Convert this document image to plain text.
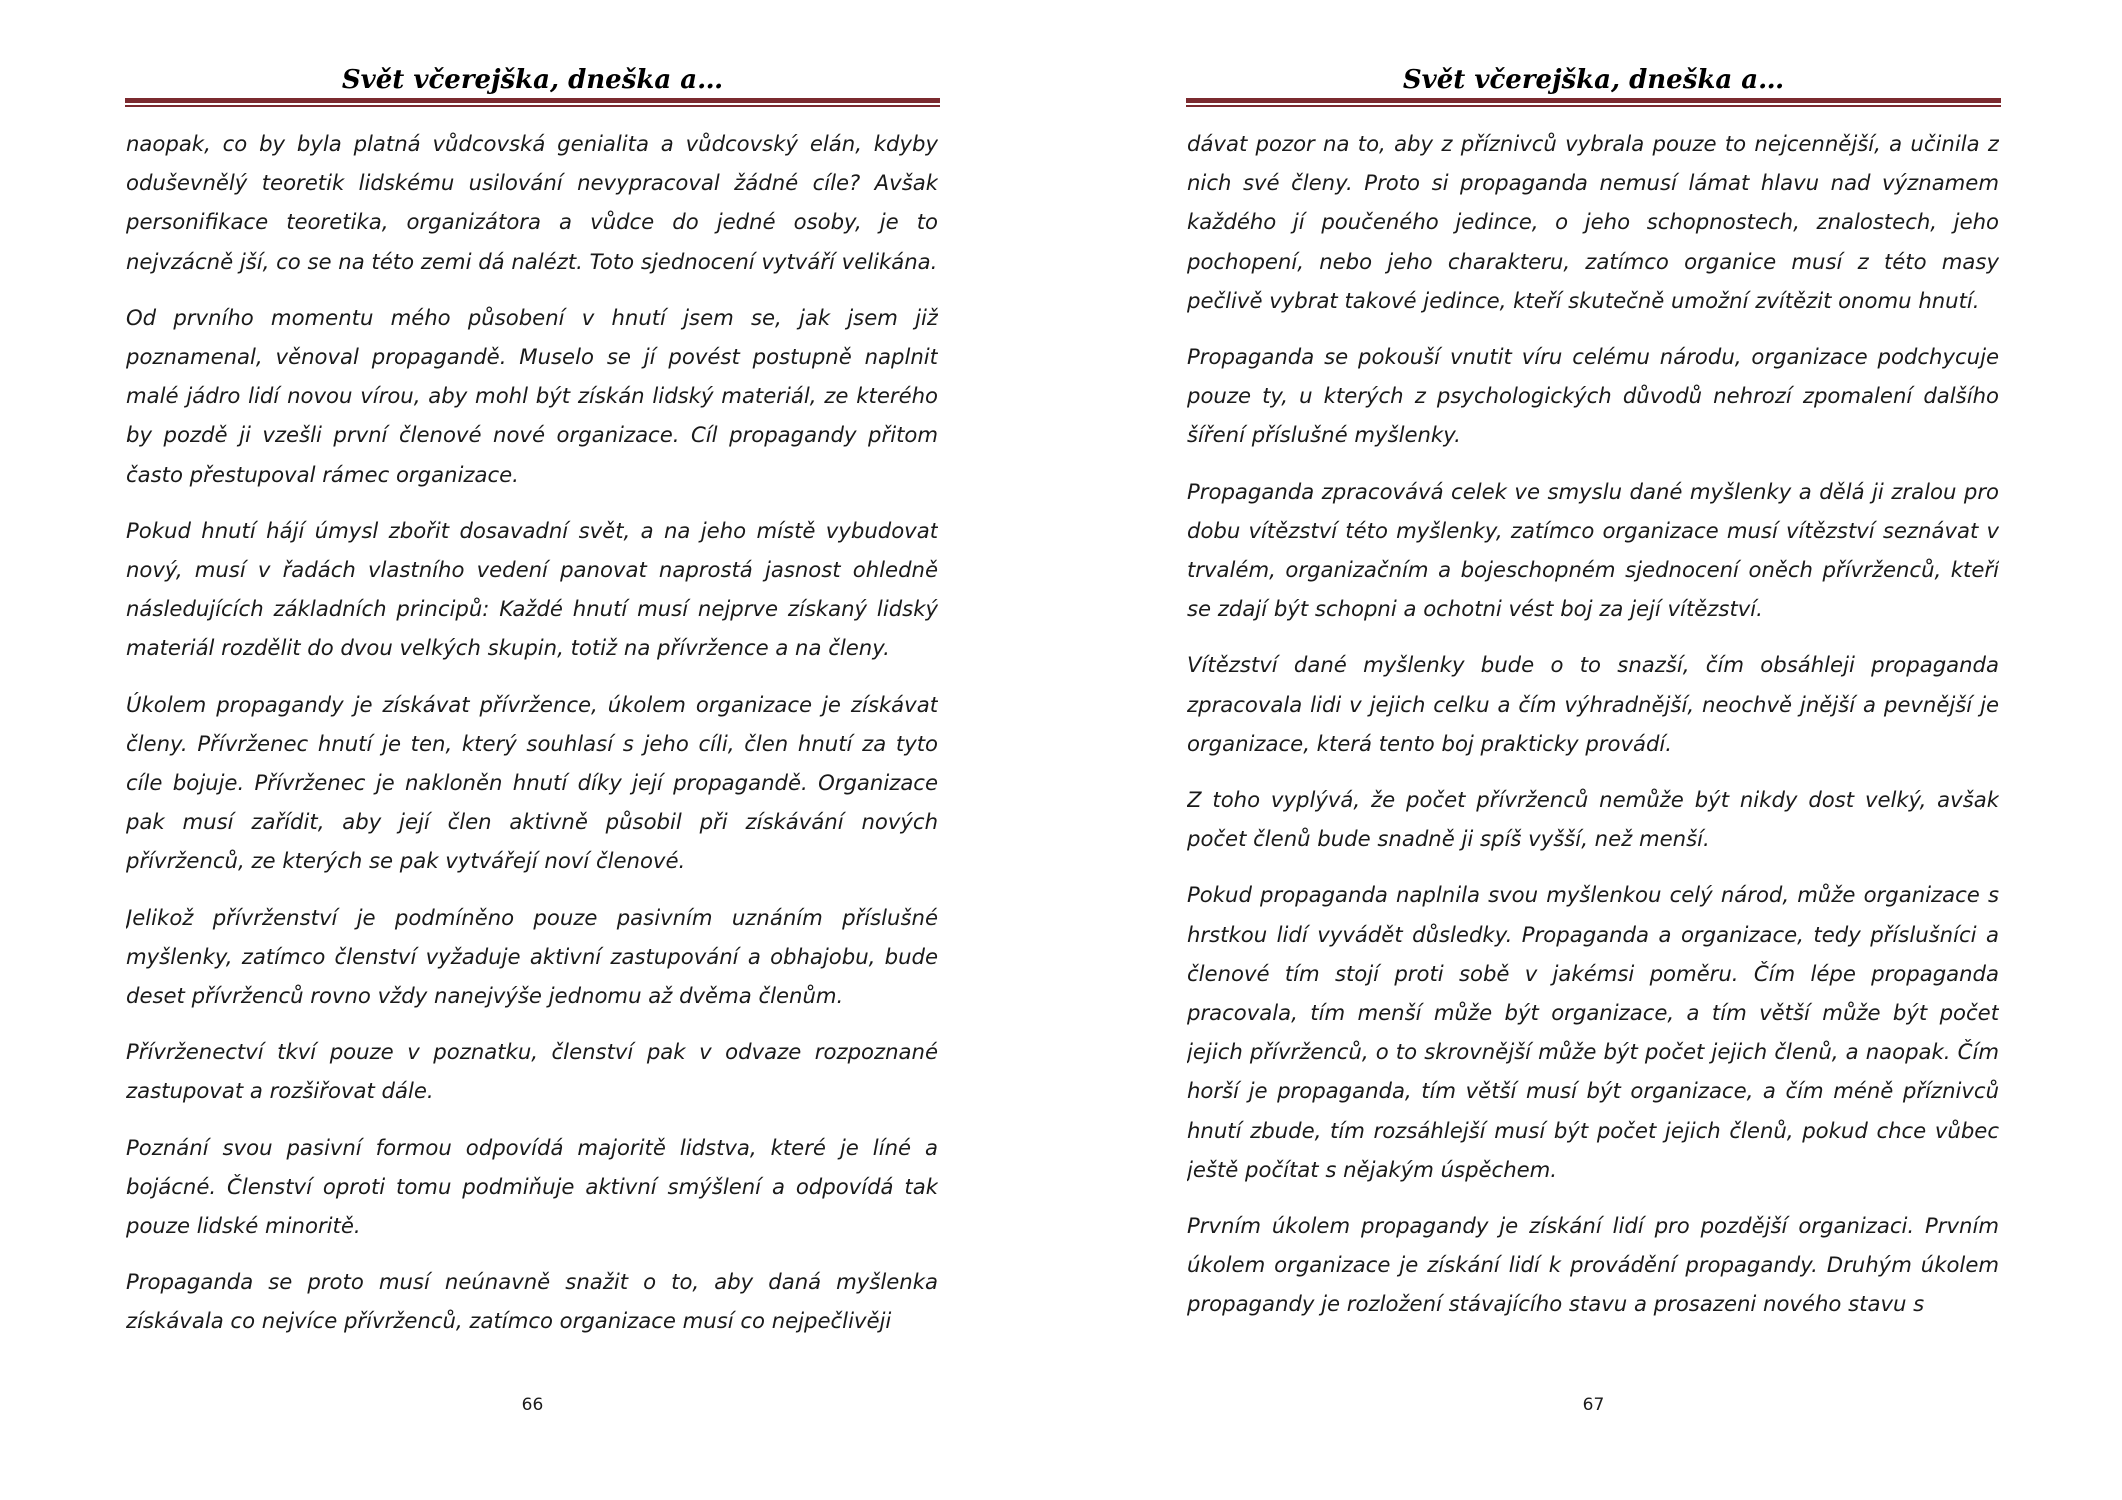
Svět včerejška, dneška a…

naopak, co by byla platná vůdcovská genialita a vůdcovský elán, kdyby oduševnělý teoretik lidskému usilování nevypracoval žádné cíle? Avšak personifikace teoretika, organizátora a vůdce do jedné osoby, je to nejvzácně jší, co se na této zemi dá nalézt. Toto sjednocení vytváří velikána.

Od prvního momentu mého působení v hnutí jsem se, jak jsem již poznamenal, věnoval propagandě. Muselo se jí povést postupně naplnit malé jádro lidí novou vírou, aby mohl být získán lidský materiál, ze kterého by pozdě ji vzešli první členové nové organizace. Cíl propagandy přitom často přestupoval rámec organizace.

Pokud hnutí hájí úmysl zbořit dosavadní svět, a na jeho místě vybudovat nový, musí v řadách vlastního vedení panovat naprostá jasnost ohledně následujících základních principů: Každé hnutí musí nejprve získaný lidský materiál rozdělit do dvou velkých skupin, totiž na přívržence a na členy.

Úkolem propagandy je získávat přívržence, úkolem organizace je získávat členy. Přívrženec hnutí je ten, který souhlasí s jeho cíli, člen hnutí za tyto cíle bojuje. Přívrženec je nakloněn hnutí díky její propagandě. Organizace pak musí zařídit, aby její člen aktivně působil při získávání nových přívrženců, ze kterých se pak vytvářejí noví členové.

Jelikož přívrženství je podmíněno pouze pasivním uznáním příslušné myšlenky, zatímco členství vyžaduje aktivní zastupování a obhajobu, bude deset přívrženců rovno vždy nanejvýše jednomu až dvěma členům.

Přívrženectví tkví pouze v poznatku, členství pak v odvaze rozpoznané zastupovat a rozšiřovat dále.

Poznání svou pasivní formou odpovídá majoritě lidstva, které je líné a bojácné. Členství oproti tomu podmiňuje aktivní smýšlení a odpovídá tak pouze lidské minoritě.

Propaganda se proto musí neúnavně snažit o to, aby daná myšlenka získávala co nejvíce přívrženců, zatímco organizace musí co nejpečlivěji

66
Svět včerejška, dneška a…

dávat pozor na to, aby z příznivců vybrala pouze to nejcennější, a učinila z nich své členy. Proto si propaganda nemusí lámat hlavu nad významem každého jí poučeného jedince, o jeho schopnostech, znalostech, jeho pochopení, nebo jeho charakteru, zatímco organice musí z této masy pečlivě vybrat takové jedince, kteří skutečně umožní zvítězit onomu hnutí.

Propaganda se pokouší vnutit víru celému národu, organizace podchycuje pouze ty, u kterých z psychologických důvodů nehrozí zpomalení dalšího šíření příslušné myšlenky.

Propaganda zpracovává celek ve smyslu dané myšlenky a dělá ji zralou pro dobu vítězství této myšlenky, zatímco organizace musí vítězství seznávat v trvalém, organizačním a bojeschopném sjednocení oněch přívrženců, kteří se zdají být schopni a ochotni vést boj za její vítězství.

Vítězství dané myšlenky bude o to snazší, čím obsáhleji propaganda zpracovala lidi v jejich celku a čím výhradnější, neochvě jnější a pevnější je organizace, která tento boj prakticky provádí.

Z toho vyplývá, že počet přívrženců nemůže být nikdy dost velký, avšak počet členů bude snadně ji spíš vyšší, než menší.

Pokud propaganda naplnila svou myšlenkou celý národ, může organizace s hrstkou lidí vyvádět důsledky. Propaganda a organizace, tedy příslušníci a členové tím stojí proti sobě v jakémsi poměru. Čím lépe propaganda pracovala, tím menší může být organizace, a tím větší může být počet jejich přívrženců, o to skrovnější může být počet jejich členů, a naopak. Čím horší je propaganda, tím větší musí být organizace, a čím méně příznivců hnutí zbude, tím rozsáhlejší musí být počet jejich členů, pokud chce vůbec ještě počítat s nějakým úspěchem.

Prvním úkolem propagandy je získání lidí pro pozdější organizaci. Prvním úkolem organizace je získání lidí k provádění propagandy. Druhým úkolem propagandy je rozložení stávajícího stavu a prosazeni nového stavu s

67
